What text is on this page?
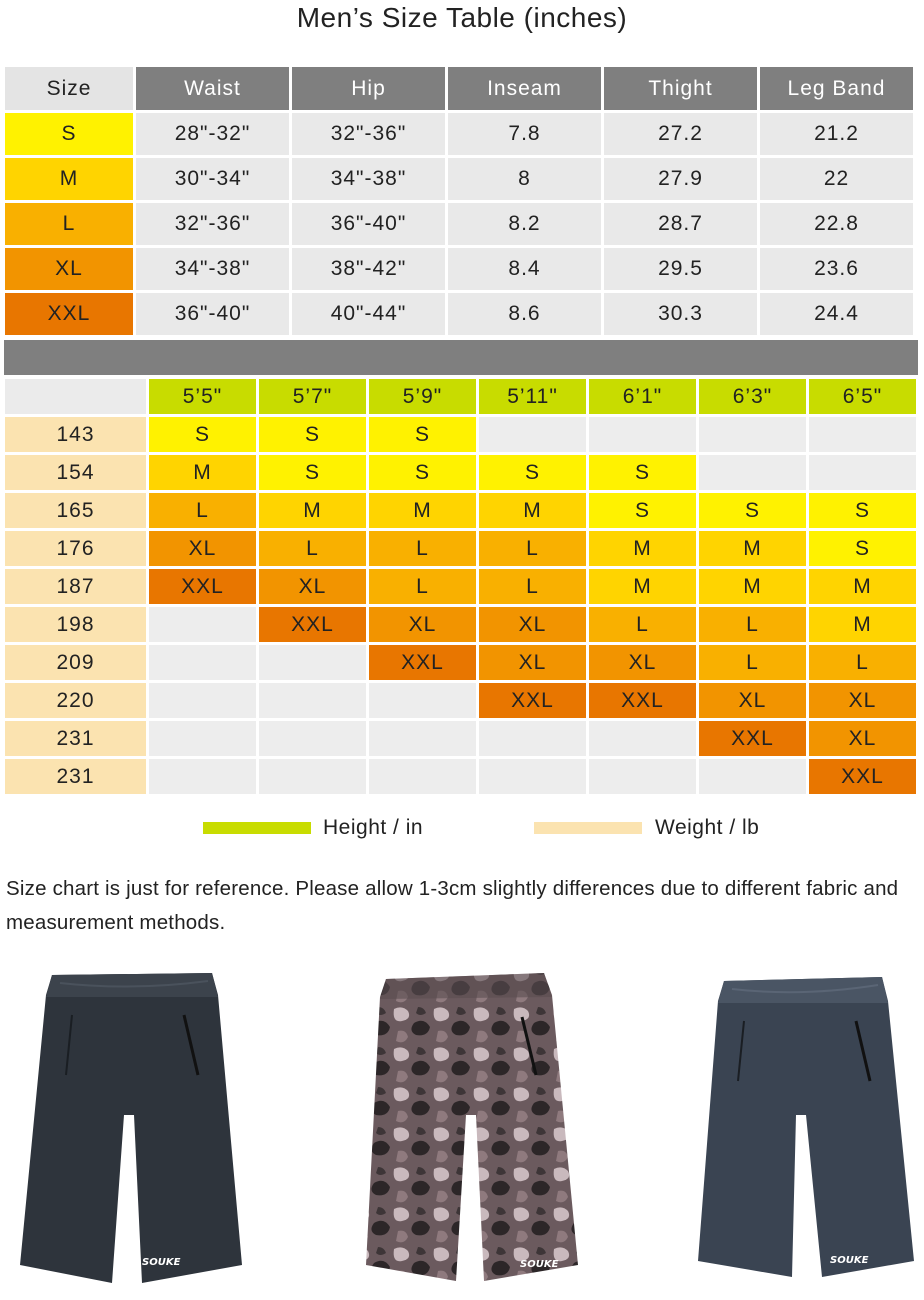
Men’s Size Table (inches)
Size	Waist	Hip	Inseam	Thight	Leg Band
S	28"-32"	32"-36"	7.8	27.2	21.2
M	30"-34"	34"-38"	8	27.9	22
L	32"-36"	36"-40"	8.2	28.7	22.8
XL	34"-38"	38"-42"	8.4	29.5	23.6
XXL	36"-40"	40"-44"	8.6	30.3	24.4
	5’5"	5’7"	5’9"	5’11"	6’1"	6’3"	6’5"
143	S	S	S				
154	M	S	S	S	S		
165	L	M	M	M	S	S	S
176	XL	L	L	L	M	M	S
187	XXL	XL	L	L	M	M	M
198		XXL	XL	XL	L	L	M
209			XXL	XL	XL	L	L
220				XXL	XXL	XL	XL
231						XXL	XL
231							XXL
Height / in	Weight / lb
Size chart is just for reference. Please allow 1-3cm slightly differences due to different fabric and measurement methods.
SOUKE	SOUKE	SOUKE
